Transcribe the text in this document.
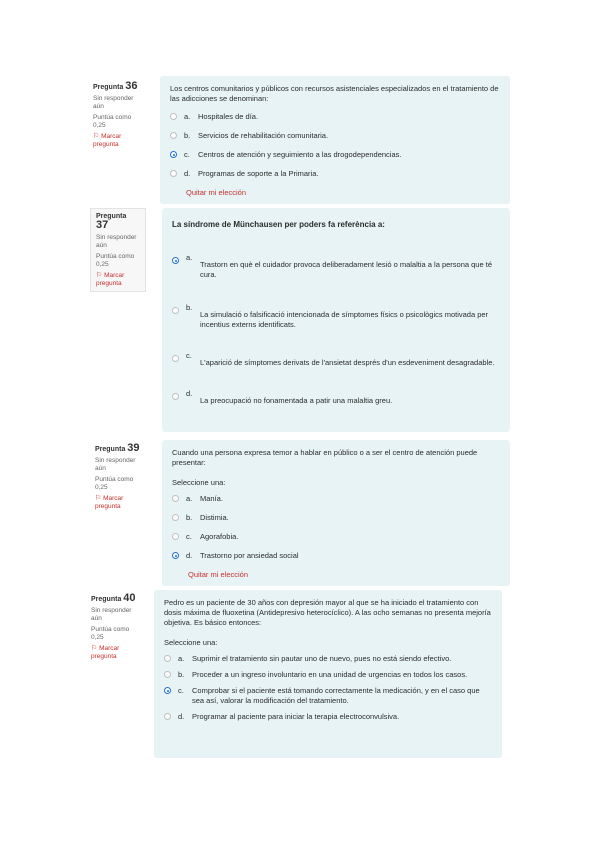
Pregunta 36
Sin responder aún
Puntúa como 0,25
⚐ Marcar pregunta
Los centros comunitarios y públicos con recursos asistenciales especializados en el tratamiento de las adicciones se denominan:
a.	Hospitales de día.
b.	Servicios de rehabilitación comunitaria.
c.	Centros de atención y seguimiento a las drogodependencias.
d.	Programas de soporte a la Primaria.
Quitar mi elección
Pregunta 37
Sin responder aún
Puntúa como 0,25
⚐ Marcar pregunta
La síndrome de Münchausen per poders fa referència a:
a.
Trastorn en què el cuidador provoca deliberadament lesió o malaltia a la persona que té cura.
b.
La simulació o falsificació intencionada de símptomes físics o psicològics motivada per incentius externs identificats.
c.
L'aparició de símptomes derivats de l'ansietat després d'un esdeveniment desagradable.
d.
La preocupació no fonamentada a patir una malaltia greu.
Pregunta 39
Sin responder aún
Puntúa como 0,25
⚐ Marcar pregunta
Cuando una persona expresa temor a hablar en público o a ser el centro de atención puede presentar:
Seleccione una:
a.	Manía.
b.	Distimia.
c.	Agorafobia.
d.	Trastorno por ansiedad social
Quitar mi elección
Pregunta 40
Sin responder aún
Puntúa como 0,25
⚐ Marcar pregunta
Pedro es un paciente de 30 años con depresión mayor al que se ha iniciado el tratamiento con dosis máxima de fluoxetina (Antidepresivo heterocíclico). A las ocho semanas no presenta mejoría objetiva. Es básico entonces:
Seleccione una:
a.	Suprimir el tratamiento sin pautar uno de nuevo, pues no está siendo efectivo.
b.	Proceder a un ingreso involuntario en una unidad de urgencias en todos los casos.
c.	Comprobar si el paciente está tomando correctamente la medicación, y en el caso que sea así, valorar la modificación del tratamiento.
d.	Programar al paciente para iniciar la terapia electroconvulsiva.
